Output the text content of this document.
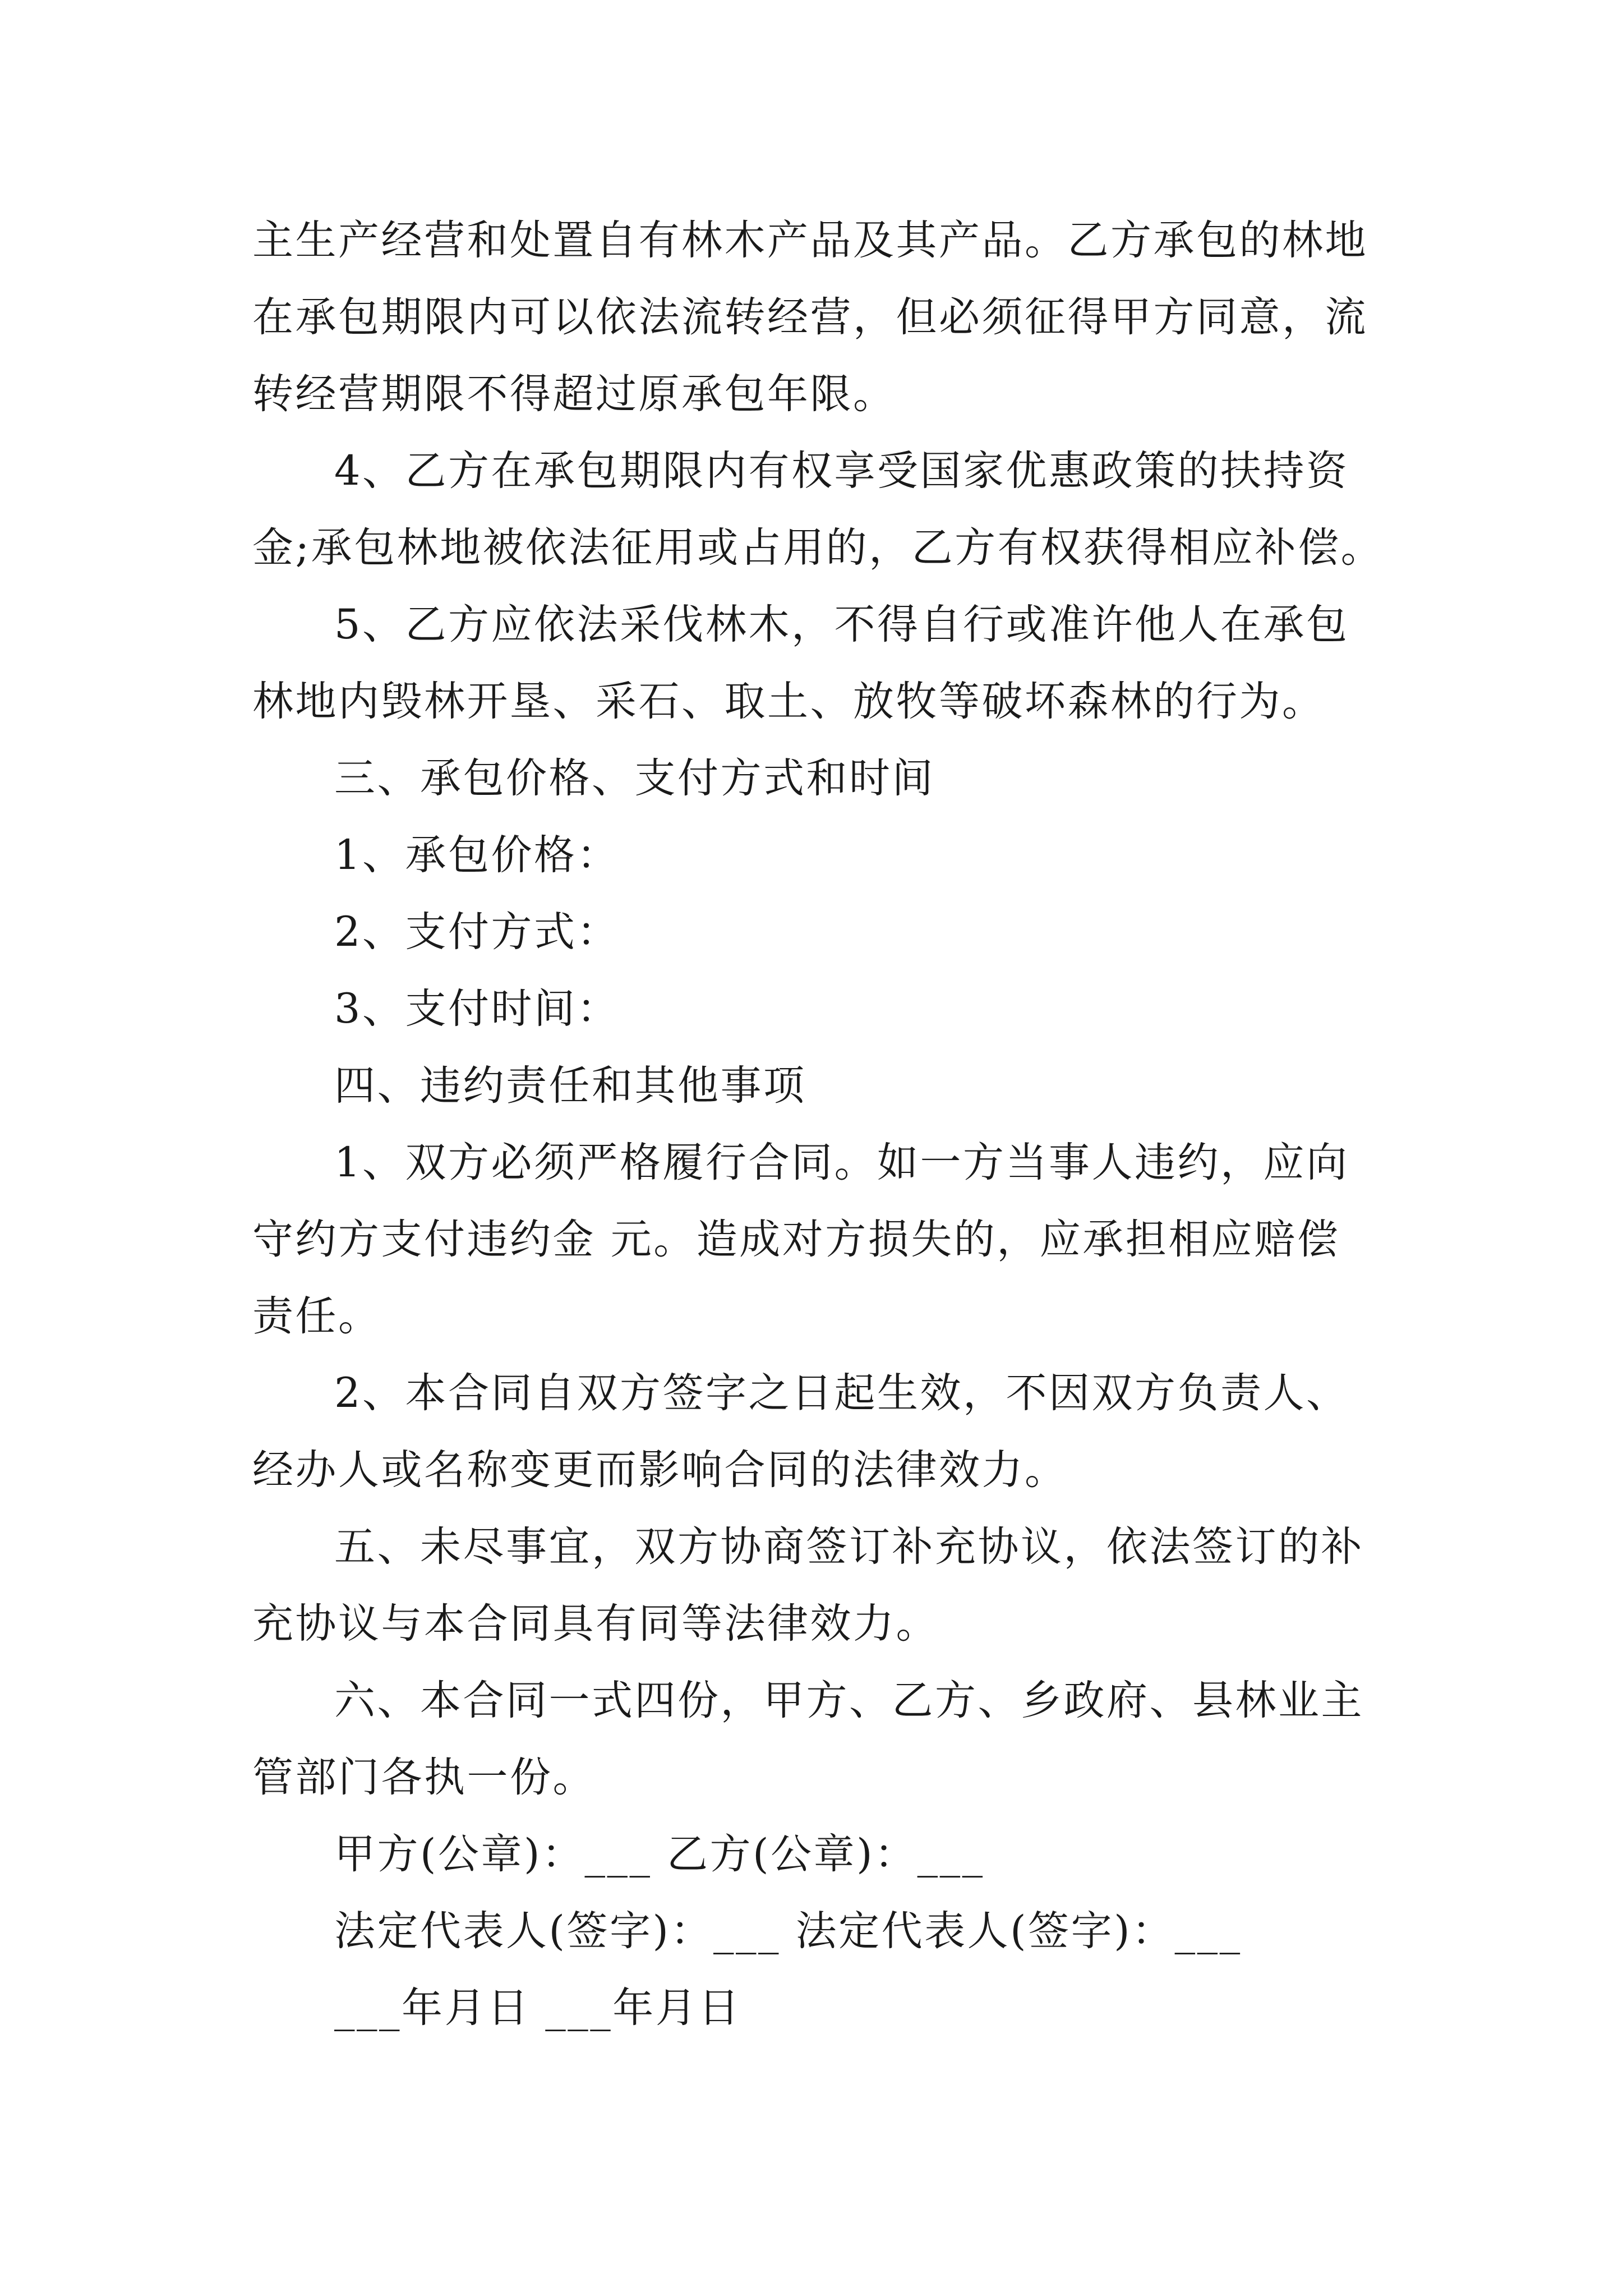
主生产经营和处置自有林木产品及其产品。乙方承包的林地
在承包期限内可以依法流转经营，但必须征得甲方同意，流
转经营期限不得超过原承包年限。
4、乙方在承包期限内有权享受国家优惠政策的扶持资
金;承包林地被依法征用或占用的，乙方有权获得相应补偿。
5、乙方应依法采伐林木，不得自行或准许他人在承包
林地内毁林开垦、采石、取土、放牧等破坏森林的行为。
三、承包价格、支付方式和时间
1、承包价格：
2、支付方式：
3、支付时间：
四、违约责任和其他事项
1、双方必须严格履行合同。如一方当事人违约，应向
守约方支付违约金 元。造成对方损失的，应承担相应赔偿
责任。
2、本合同自双方签字之日起生效，不因双方负责人、
经办人或名称变更而影响合同的法律效力。
五、未尽事宜，双方协商签订补充协议，依法签订的补
充协议与本合同具有同等法律效力。
六、本合同一式四份，甲方、乙方、乡政府、县林业主
管部门各执一份。
甲方(公章)：___ 乙方(公章)：___
法定代表人(签字)：___ 法定代表人(签字)：___
___年月日 ___年月日
